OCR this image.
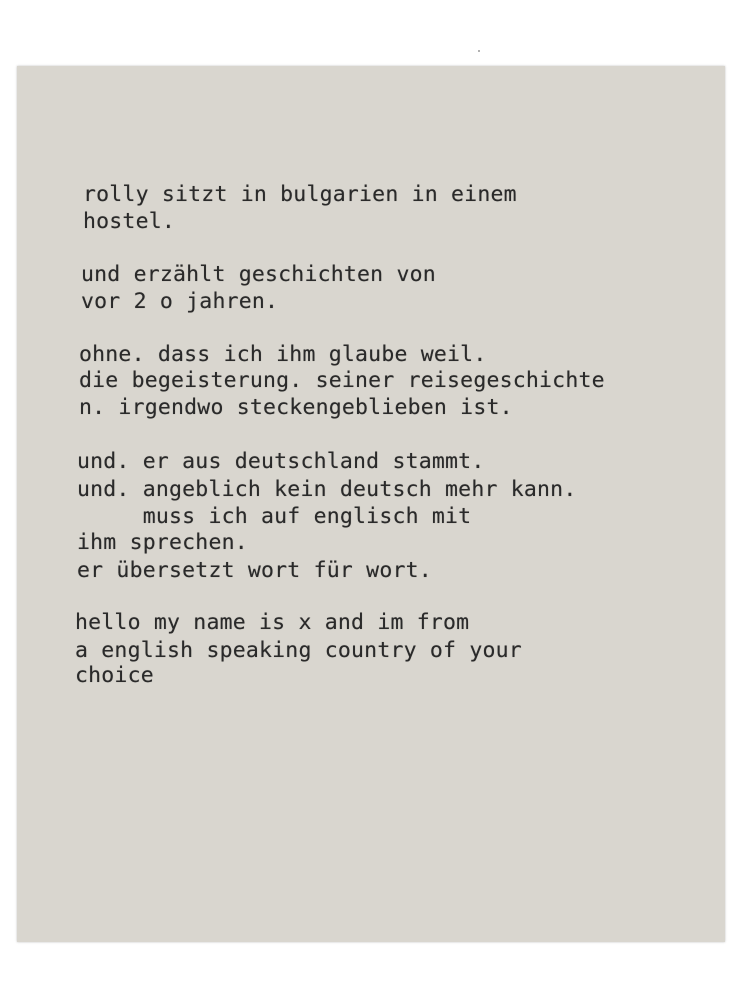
rolly sitzt in bulgarien in einem
hostel.
und erzählt geschichten von
vor 2 o jahren.
ohne. dass ich ihm glaube weil.
die begeisterung. seiner reisegeschichte
n. irgendwo steckengeblieben ist.
und. er aus deutschland stammt.
und. angeblich kein deutsch mehr kann.
muss ich auf englisch mit
ihm sprechen.
er übersetzt wort für wort.
hello my name is x and im from
a english speaking country of your
choice
